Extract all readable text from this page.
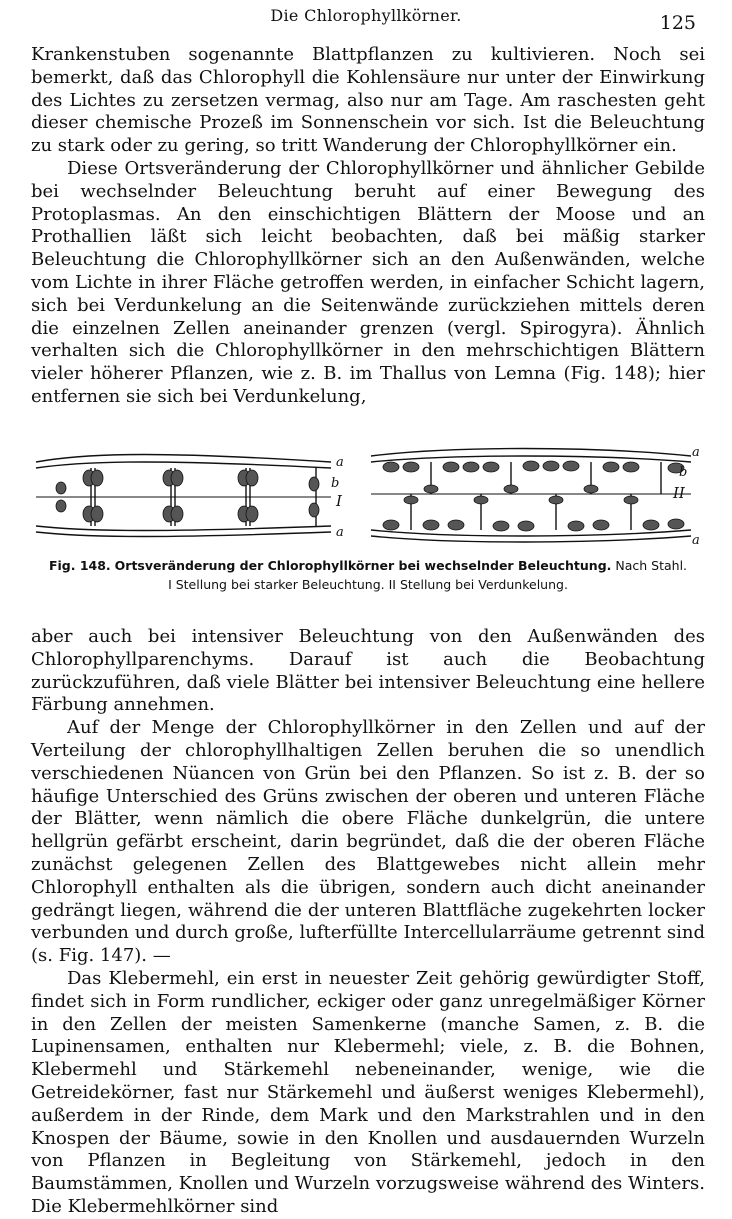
Die Chlorophyllkörner.	125

Krankenstuben sogenannte Blattpflanzen zu kultivieren. Noch sei bemerkt, daß das Chlorophyll die Kohlensäure nur unter der Einwirkung des Lichtes zu zersetzen vermag, also nur am Tage. Am raschesten geht dieser chemische Prozeß im Sonnenschein vor sich. Ist die Beleuchtung zu stark oder zu gering, so tritt Wanderung der Chlorophyllkörner ein.

Diese Ortsveränderung der Chlorophyllkörner und ähnlicher Gebilde bei wechselnder Beleuchtung beruht auf einer Bewegung des Protoplasmas. An den einschichtigen Blättern der Moose und an Prothallien läßt sich leicht beobachten, daß bei mäßig starker Beleuchtung die Chlorophyllkörner sich an den Außenwänden, welche vom Lichte in ihrer Fläche getroffen werden, in einfacher Schicht lagern, sich bei Verdunkelung an die Seitenwände zurückziehen mittels deren die einzelnen Zellen aneinander grenzen (vergl. Spirogyra). Ähnlich verhalten sich die Chlorophyllkörner in den mehrschichtigen Blättern vieler höherer Pflanzen, wie z. B. im Thallus von Lemna (Fig. 148); hier entfernen sie sich bei Verdunkelung,

a
b
I
a
a
b
II
a
Fig. 148. Ortsveränderung der Chlorophyllkörner bei wechselnder Beleuchtung. Nach Stahl.
I Stellung bei starker Beleuchtung. II Stellung bei Verdunkelung.

aber auch bei intensiver Beleuchtung von den Außenwänden des Chlorophyllparenchyms. Darauf ist auch die Beobachtung zurückzuführen, daß viele Blätter bei intensiver Beleuchtung eine hellere Färbung annehmen.

Auf der Menge der Chlorophyllkörner in den Zellen und auf der Verteilung der chlorophyllhaltigen Zellen beruhen die so unendlich verschiedenen Nüancen von Grün bei den Pflanzen. So ist z. B. der so häufige Unterschied des Grüns zwischen der oberen und unteren Fläche der Blätter, wenn nämlich die obere Fläche dunkelgrün, die untere hellgrün gefärbt erscheint, darin begründet, daß die der oberen Fläche zunächst gelegenen Zellen des Blattgewebes nicht allein mehr Chlorophyll enthalten als die übrigen, sondern auch dicht aneinander gedrängt liegen, während die der unteren Blattfläche zugekehrten locker verbunden und durch große, lufterfüllte Intercellularräume getrennt sind (s. Fig. 147). —

Das Klebermehl, ein erst in neuester Zeit gehörig gewürdigter Stoff, findet sich in Form rundlicher, eckiger oder ganz unregelmäßiger Körner in den Zellen der meisten Samenkerne (manche Samen, z. B. die Lupinensamen, enthalten nur Klebermehl; viele, z. B. die Bohnen, Klebermehl und Stärkemehl nebeneinander, wenige, wie die Getreidekörner, fast nur Stärkemehl und äußerst weniges Klebermehl), außerdem in der Rinde, dem Mark und den Markstrahlen und in den Knospen der Bäume, sowie in den Knollen und ausdauernden Wurzeln von Pflanzen in Begleitung von Stärkemehl, jedoch in den Baumstämmen, Knollen und Wurzeln vorzugsweise während des Winters. Die Klebermehlkörner sind
